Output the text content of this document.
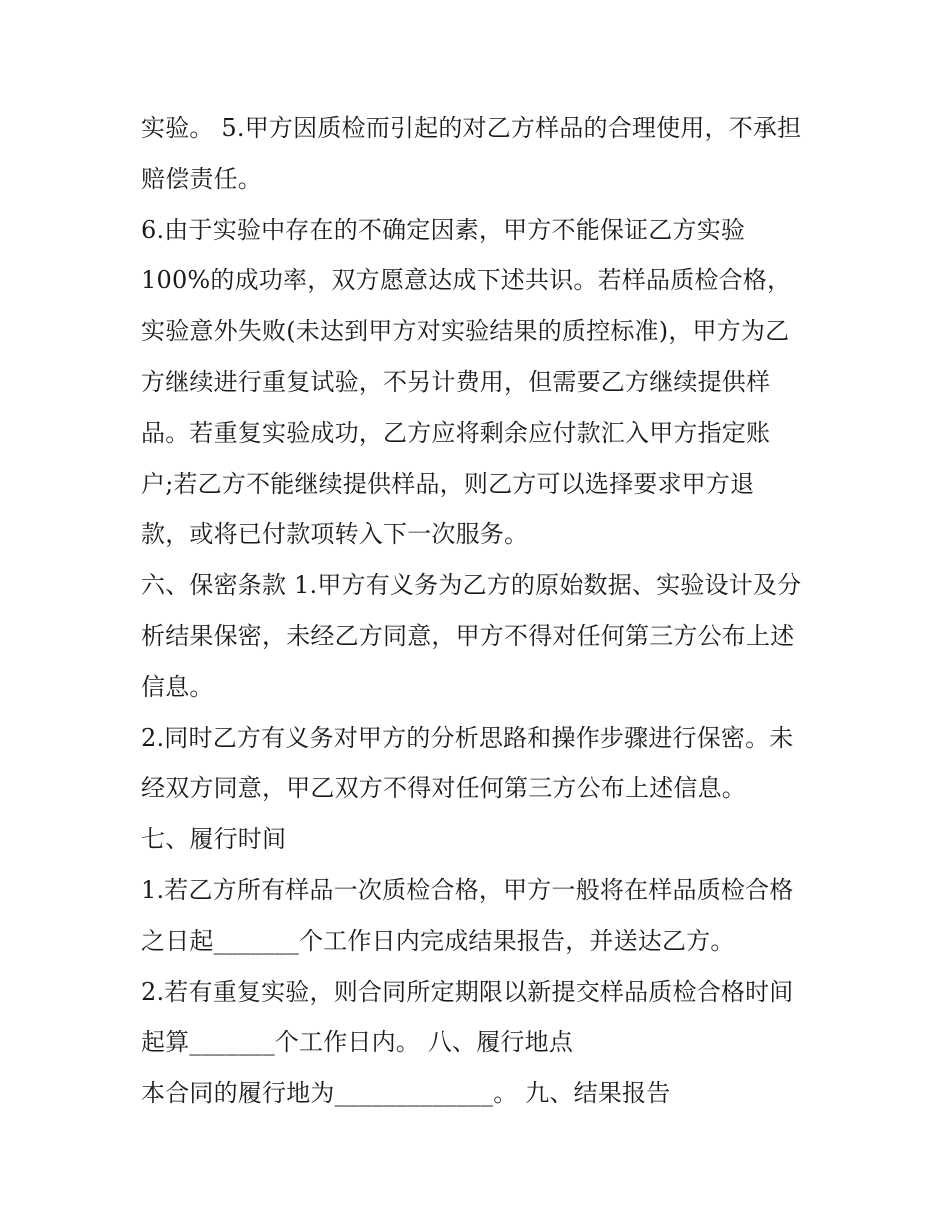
实验。 5.甲方因质检而引起的对乙方样品的合理使用，不承担
赔偿责任。
6.由于实验中存在的不确定因素，甲方不能保证乙方实验
100%的成功率，双方愿意达成下述共识。若样品质检合格，
实验意外失败(未达到甲方对实验结果的质控标准)，甲方为乙
方继续进行重复试验，不另计费用，但需要乙方继续提供样
品。若重复实验成功，乙方应将剩余应付款汇入甲方指定账
户;若乙方不能继续提供样品，则乙方可以选择要求甲方退
款，或将已付款项转入下一次服务。
六、保密条款 1.甲方有义务为乙方的原始数据、实验设计及分
析结果保密，未经乙方同意，甲方不得对任何第三方公布上述
信息。
2.同时乙方有义务对甲方的分析思路和操作步骤进行保密。未
经双方同意，甲乙双方不得对任何第三方公布上述信息。
七、履行时间
1.若乙方所有样品一次质检合格，甲方一般将在样品质检合格
之日起_______个工作日内完成结果报告，并送达乙方。
2.若有重复实验，则合同所定期限以新提交样品质检合格时间
起算_______个工作日内。 八、履行地点
本合同的履行地为_____________。 九、结果报告
